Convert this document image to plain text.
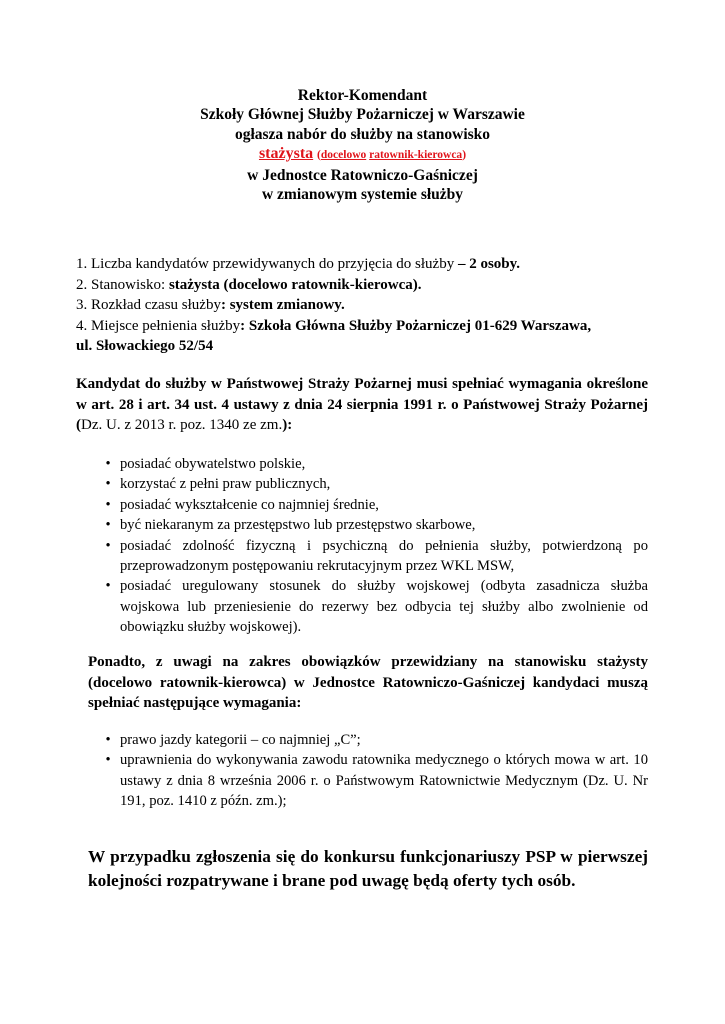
Rektor-Komendant
Szkoły Głównej Służby Pożarniczej w Warszawie
ogłasza nabór do służby na stanowisko
stażysta (docelowo ratownik-kierowca)
w Jednostce Ratowniczo-Gaśniczej
w zmianowym systemie służby
1. Liczba kandydatów przewidywanych do przyjęcia do służby – 2 osoby.
2. Stanowisko: stażysta (docelowo ratownik-kierowca).
3. Rozkład czasu służby: system zmianowy.
4. Miejsce pełnienia służby: Szkoła Główna Służby Pożarniczej 01-629 Warszawa,
ul. Słowackiego 52/54
Kandydat do służby w Państwowej Straży Pożarnej musi spełniać wymagania określone w art. 28 i art. 34 ust. 4 ustawy z dnia 24 sierpnia 1991 r. o Państwowej Straży Pożarnej (Dz. U. z 2013 r. poz. 1340 ze zm.):
• posiadać obywatelstwo polskie,
• korzystać z pełni praw publicznych,
• posiadać wykształcenie co najmniej średnie,
• być niekaranym za przestępstwo lub przestępstwo skarbowe,
• posiadać zdolność fizyczną i psychiczną do pełnienia służby, potwierdzoną po przeprowadzonym postępowaniu rekrutacyjnym przez WKL MSW,
• posiadać uregulowany stosunek do służby wojskowej (odbyta zasadnicza służba wojskowa lub przeniesienie do rezerwy bez odbycia tej służby albo zwolnienie od obowiązku służby wojskowej).
Ponadto, z uwagi na zakres obowiązków przewidziany na stanowisku stażysty (docelowo ratownik-kierowca) w Jednostce Ratowniczo-Gaśniczej kandydaci muszą spełniać następujące wymagania:
• prawo jazdy kategorii – co najmniej „C”;
• uprawnienia do wykonywania zawodu ratownika medycznego o których mowa w art. 10 ustawy z dnia 8 września 2006 r. o Państwowym Ratownictwie Medycznym (Dz. U. Nr 191, poz. 1410 z późn. zm.);
W przypadku zgłoszenia się do konkursu funkcjonariuszy PSP w pierwszej kolejności rozpatrywane i brane pod uwagę będą oferty tych osób.
